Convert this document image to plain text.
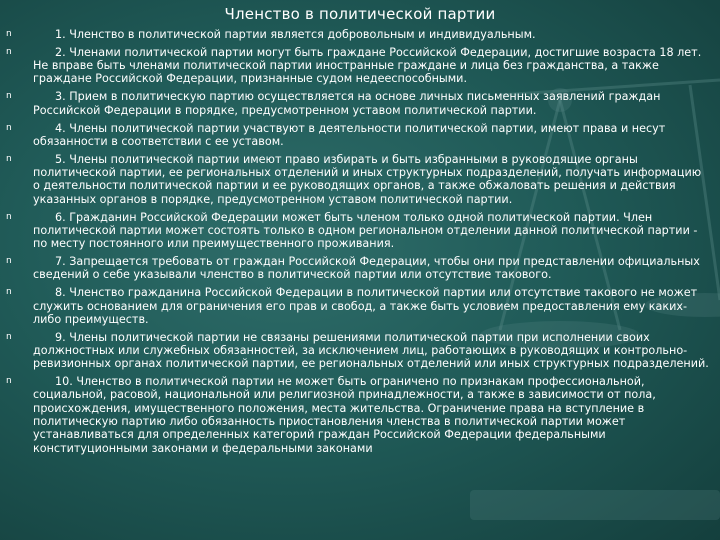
Членство в политической партии
n	1. Членство в политической партии является добровольным и индивидуальным.
n	2. Членами политической партии могут быть граждане Российской Федерации, достигшие возраста 18 лет. Не вправе быть членами политической партии иностранные граждане и лица без гражданства, а также граждане Российской Федерации, признанные судом недееспособными.
n	3. Прием в политическую партию осуществляется на основе личных письменных заявлений граждан Российской Федерации в порядке, предусмотренном уставом политической партии.
n	4. Члены политической партии участвуют в деятельности политической партии, имеют права и несут обязанности в соответствии с ее уставом.
n	5. Члены политической партии имеют право избирать и быть избранными в руководящие органы политической партии, ее региональных отделений и иных структурных подразделений, получать информацию о деятельности политической партии и ее руководящих органов, а также обжаловать решения и действия указанных органов в порядке, предусмотренном уставом политической партии.
n	6. Гражданин Российской Федерации может быть членом только одной политической партии. Член политической партии может состоять только в одном региональном отделении данной политической партии - по месту постоянного или преимущественного проживания.
n	7. Запрещается требовать от граждан Российской Федерации, чтобы они при представлении официальных сведений о себе указывали членство в политической партии или отсутствие такового.
n	8. Членство гражданина Российской Федерации в политической партии или отсутствие такового не может служить основанием для ограничения его прав и свобод, а также быть условием предоставления ему каких-либо преимуществ.
n	9. Члены политической партии не связаны решениями политической партии при исполнении своих должностных или служебных обязанностей, за исключением лиц, работающих в руководящих и контрольно-ревизионных органах политической партии, ее региональных отделений или иных структурных подразделений.
n	10. Членство в политической партии не может быть ограничено по признакам профессиональной, социальной, расовой, национальной или религиозной принадлежности, а также в зависимости от пола, происхождения, имущественного положения, места жительства. Ограничение права на вступление в политическую партию либо обязанность приостановления членства в политической партии может устанавливаться для определенных категорий граждан Российской Федерации федеральными конституционными законами и федеральными законами
